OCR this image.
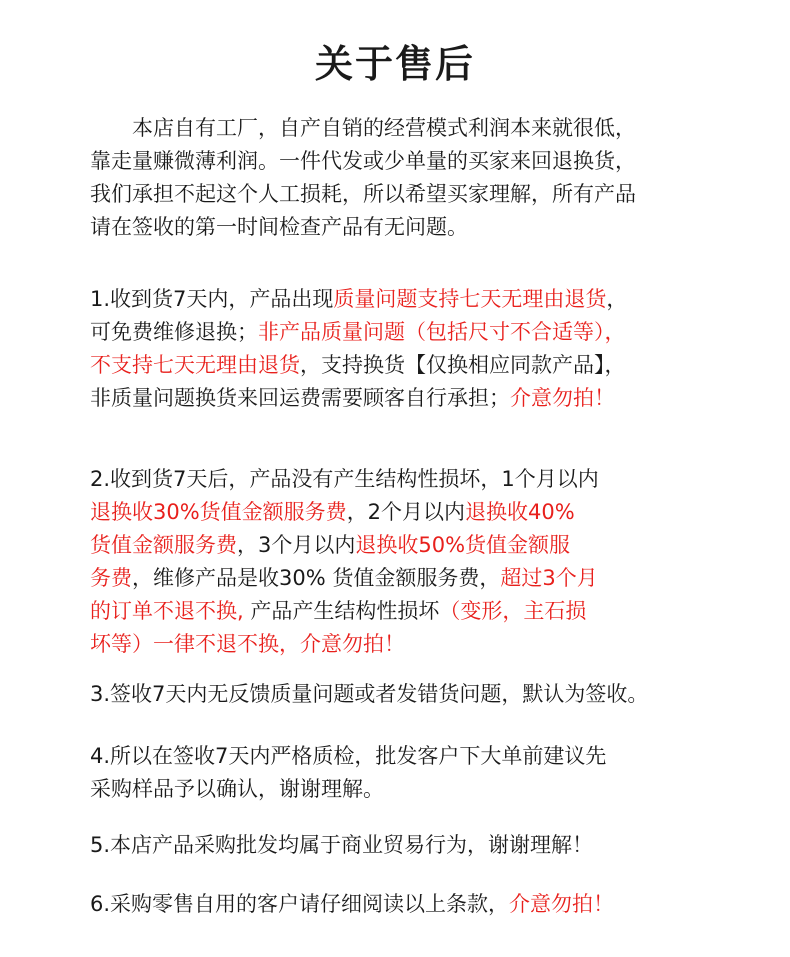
关于售后
本店自有工厂，自产自销的经营模式利润本来就很低，
靠走量赚微薄利润。一件代发或少单量的买家来回退换货，
我们承担不起这个人工损耗，所以希望买家理解，所有产品
请在签收的第一时间检查产品有无问题。
1.收到货7天内，产品出现质量问题支持七天无理由退货，
可免费维修退换；非产品质量问题（包括尺寸不合适等），
不支持七天无理由退货，支持换货【仅换相应同款产品】，
非质量问题换货来回运费需要顾客自行承担；介意勿拍！
2.收到货7天后，产品没有产生结构性损坏，1个月以内
退换收30%货值金额服务费，2个月以内退换收40%
货值金额服务费，3个月以内退换收50%货值金额服
务费，维修产品是收30% 货值金额服务费，超过3个月
的订单不退不换, 产品产生结构性损坏（变形，主石损
坏等）一律不退不换，介意勿拍！
3.签收7天内无反馈质量问题或者发错货问题，默认为签收。
4.所以在签收7天内严格质检，批发客户下大单前建议先
采购样品予以确认，谢谢理解。
5.本店产品采购批发均属于商业贸易行为，谢谢理解！
6.采购零售自用的客户请仔细阅读以上条款，介意勿拍！
